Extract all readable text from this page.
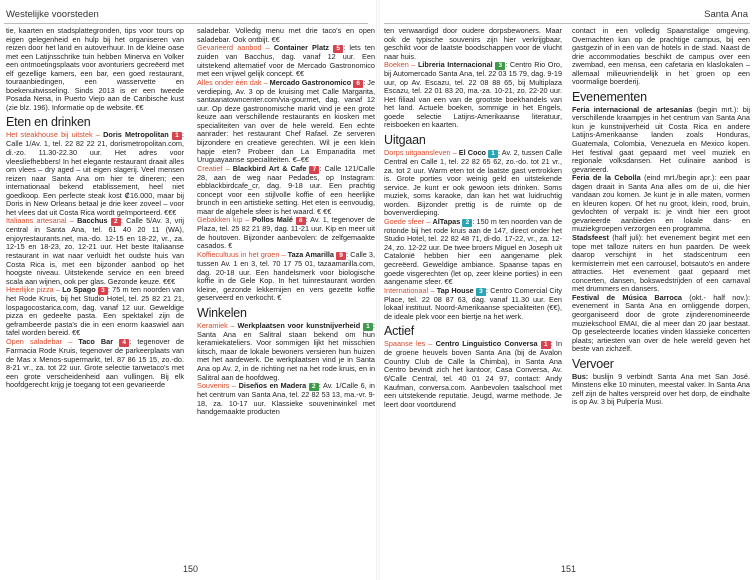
Westelijke voorsteden

tie, kaarten en stadsplattegronden, tips voor tours op eigen gelegenheid en hulp bij het organiseren van reizen door het land en autoverhuur. In de kleine oase met een Latijnsschrike tuin hebben Minerva en Volker een ontmoetingsplaats voor avonturiers gecreëerd met elf gezellige kamers, een bar, een goed restaurant, touraanbiedingen, een wasservette en boekenuitwisseling. Sinds 2013 is er een tweede Posada Nena, in Puerto Viejo aan de Caribische kust (zie blz. 196). Informatie op de website. €€

Eten en drinken

Het steakhouse bij uitstek – Doris Metropolitan 1 : Calle 1/Av. 1, tel. 22 82 22 21, dorismetropolitan.com, di.-zo. 11.30-22.30 uur. Het adres voor vleesliefhebbers! In het elegante restaurant draait alles om vlees – dry aged – uit eigen slagerij. Veel mensen reizen naar Santa Ana om hier te dineren; een internationaal bekend etablissement, heel niet goedkoop. Een perfecte steak kost ₡16.000, maar bij Doris in New Orleans betaal je drie keer zoveel – voor het vlees dat uit Costa Rica wordt geïmporteerd. €€€

Italiaans artesanal – Bacchus 2 : Calle 5/Av. 3, vrij central in Santa Ana, tel. 61 40 20 11 (WA), enjoyrestaurants.net, ma.-do. 12-15 en 18-22, vr., za. 12-15 en 18-23, zo. 12-21 uur. Het beste Italiaanse restaurant in wat naar verluidt het oudste huis van Costa Rica is, met een bijzonder aanbod op het hoogste niveau. Uitstekende service en een breed scala aan wijnen, ook per glas. Gezonde keuze. €€€

Heerlijke pizza – Lo Spago 3 : 75 m ten noorden van het Rode Kruis, bij het Studio Hotel, tel. 25 82 21 21, lospagocostarica.com, dag. vanaf 12 uur. Geweldige pizza en gedeelte pasta. Een spektakel zijn de geframbeerde pasta's die in een enorm kaaswiel aan tafel worden bereid. €€

Open saladebar – Taco Bar 4 : tegenover de Farmacia Rode Kruis, tegenover de parkeerplaats van de Mas x Menos-supermarkt, tel. 87 86 15 15, zo.-do. 8-21 vr., za. tot 22 uur. Grote selectie tarwetaco's met een grote verscheidenheid aan vullingen. Bij elk hoofdgerecht krijg je toegang tot een gevarieerde

saladebar. Volledig menu met drie taco's en open saladebar. Ook ontbijt. €€

Gevarieerd aanbod – Container Platz 5 : lets ten zuiden van Bacchus, dag. vanaf 12 uur. Een uitstekend alternatief voor de Mercado Gastronomico met een vrijwel gelijk concept. €€

Alles onder één dak – Mercado Gastronomico 6 : Je verdieping, Av. 3 op de kruising met Calle Margarita, santaanatowncenter.com/via-gourmet, dag. vanaf 12 uur. Op deze gastronomische markt vind je een grote keuze aan verschillende restaurants en kiosken met specialiteiten van over de hele wereld. Een echte aanrader: het restaurant Chef Rafael. Ze serveren bijzondere en creatieve gerechten. Wil je een klein hapje eten? Probeer dan La Empanadita met Uruguayaanse specialiteiten. €–€€

Creatief – Blackbird Art & Cafe 7 : Calle 121/Calle 28, aan de weg naar Pedades, op Instagram: ebblackbirdcafe_cr, dag. 9-18 uur. Een prachtig concept voor een stijlvolle koffie of een heerlijke brunch in een artistieke setting. Het eten is eenvoudig, maar de algehele sfeer is het waard. € €€

Gebakken kip – Pollos Malé 8 : Av. 1, tegenover de Plaza, tel. 25 82 21 89, dag. 11-21 uur. Kip en meer uit de houtoven. Bijzonder aanbevolen: de zelfgemaakte casados. €

Koffiecultuus in het groen – Taza Amarilla 9 : Calle 3, tussen Av. 1 en 3, tel. 70 17 75 01, tazaamarilla.com, dag. 20-18 uur. Een handelsmerk voor biologische koffie in de Gele Kop. In het tuinrestaurant worden kleine, gezonde lekkernijen en vers gezette koffie geserveerd en verkocht. €

Winkelen

Keramiek – Werkplaatsen voor kunstnijverheid 1 : Santa Ana en Salitral staan bekend om hun keramiekateliers. Voor sommigen lijkt het misschien kitsch, maar de lokale bewoners versieren hun huizen met het aardewerk. De werkplaatsen vind je in Santa Ana op Av. 2, in de richting net na het rode kruis, en in Salitral aan de hoofdweg.

Souvenirs – Diseños en Madera 2 : Av. 1/Calle 6, in het centrum van Santa Ana, tel. 22 82 53 13, ma.-vr. 9-18, za. 10-17 uur. Klassieke souvenirwinkel met handgemaakte producten

150
Santa Ana

ten verwaardigd door oudere dorpsbewoners. Maar ook de typische souvenirs zijn hier verkrijgbaar, geschikt voor de laatste boodschappen voor de vlucht naar huis.

Boeken – Libreria Internacional 3 : Centro Rio Oro, bij Automercado Santa Ana, tel. 22 03 15 79, dag. 9-19 uur, op Av. Escazu, tel. 22 08 88 65, bij Multiplaza Escazu, tel. 22 01 83 20, ma.-za. 10-21, zo. 22-20 uur. Het filiaal van een van de grootste boekhandels van het land. Actuele boeken, sommige in het Engels, goede selectie Latijns-Amerikaanse literatuur, reisboeken en kaarten.

Uitgaan

Dorps uitgaansleven – El Coco 1 : Av. 2, tussen Calle Central en Calle 1, tel. 22 82 65 62, zo.-do. tot 21 vr., za. tot 2 uur. Warm eten tot de laatste gast vertrokken is. Grote porties voor weinig geld en uitstekende service. Je kunt er ook gewoon iets drinken. Soms muziek, soms karaoke, dan kan het wat luidruchtig worden. Bijzonder prettig is de ruimte op de bovenverdieping.

Goede sfeer – AlTapas 2 : 150 m ten noorden van de rotonde bij het rode kruis aan de 147, direct onder het Studio Hotel, tel. 22 82 48 71, di-do. 17-22, vr., za. 12-24, zo. 12-22 uur. De twee broers Miguel en Joseph uit Catalonië hebben hier een aangename plek gecreëerd. Geweldige ambiance. Spaanse tapas en goede visgerechten (let op, zeer kleine porties) in een aangename sfeer. €€

Internationaal – Tap House 3 : Centro Comercial City Place, tel. 22 08 87 63, dag. vanaf 11.30 uur. Een lokaal instituut. Noord-Amerikaanse specialiteiten (€€), de ideale plek voor een biertje na het werk.

Actief

Spaanse les – Centro Linguistico Conversa 1 : In de groene heuvels boven Santa Ana (bij de Avalon Country Club de Calle la Chimba), in Santa Ana Centro bevindt zich het kantoor, Casa Conversa, Av. 6/Calle Central, tel. 40 01 24 97, contact: Andy Kaufman, conversa.com. Aanbevolen taalschool met een uitstekende reputatie. Jeugd, warme methode. Je leert door voortdurend

contact in een volledig Spaanstalige omgeving. Overnachten kan op de prachtige campus, bij een gastgezin of in een van de hotels in de stad. Naast de drie accommodaties beschikt de campus over een zwembad, een mensa, een cafetaria en klaslokalen – allemaal milieuvriendelijk in het groen op een voormalige boerderij.

Evenementen

Feria internacional de artesanías (begin mrt.): bij verschillende kraampjes in het centrum van Santa Ana kun je kunstnijverheid uit Costa Rica en andere Latijns-Amerikaanse landen zoals Honduras, Guatemala, Colombia, Venezuela en Mexico kopen. Het festival gaat gepaard met veel muziek en regionale volksdansen. Het culinaire aanbod is gevarieerd.

Feria de la Cebolla (eind mrt./begin apr.): een paar dagen draait in Santa Ana alles om de ui, die hier vandaan zou komen. Je kunt je in alle maten, vormen en kleuren kopen. Of het nu groot, klein, rood, bruin, gevlochten of verpakt is: je vindt hier een groot gevarieerde aanbieden en lokale dans- en muziekgroepen verzorgen een programma.

Stadsfeest (half juli): het evenement begint met een tope met talloze ruiters en hun paarden. De week daarop verschijnt in het stadscentrum een kermisterrein met een carrousel, botsauto's en andere attracties. Het evenement gaat gepaard met concerten, dansen, bokswedstrijden of een carnaval met drummers en dansers.

Festival de Música Barroca (okt.- half nov.): evenement in Santa Ana en omliggende dorpen, georganiseerd door de grote zijnderenomineerde muziekschool EMAI, die al meer dan 20 jaar bestaat. Op geselecteerde locaties vinden klassieke concerten plaats; artiesten van over de hele wereld geven het beste van zichzelf.

Vervoer

Bus: buslijn 9 verbindt Santa Ana met San José. Minstens elke 10 minuten, meestal vaker. In Santa Ana zelf zijn de haltes verspreid over het dorp, de eindhalte is op Av. 3 bij Pulpería Musi.

151
